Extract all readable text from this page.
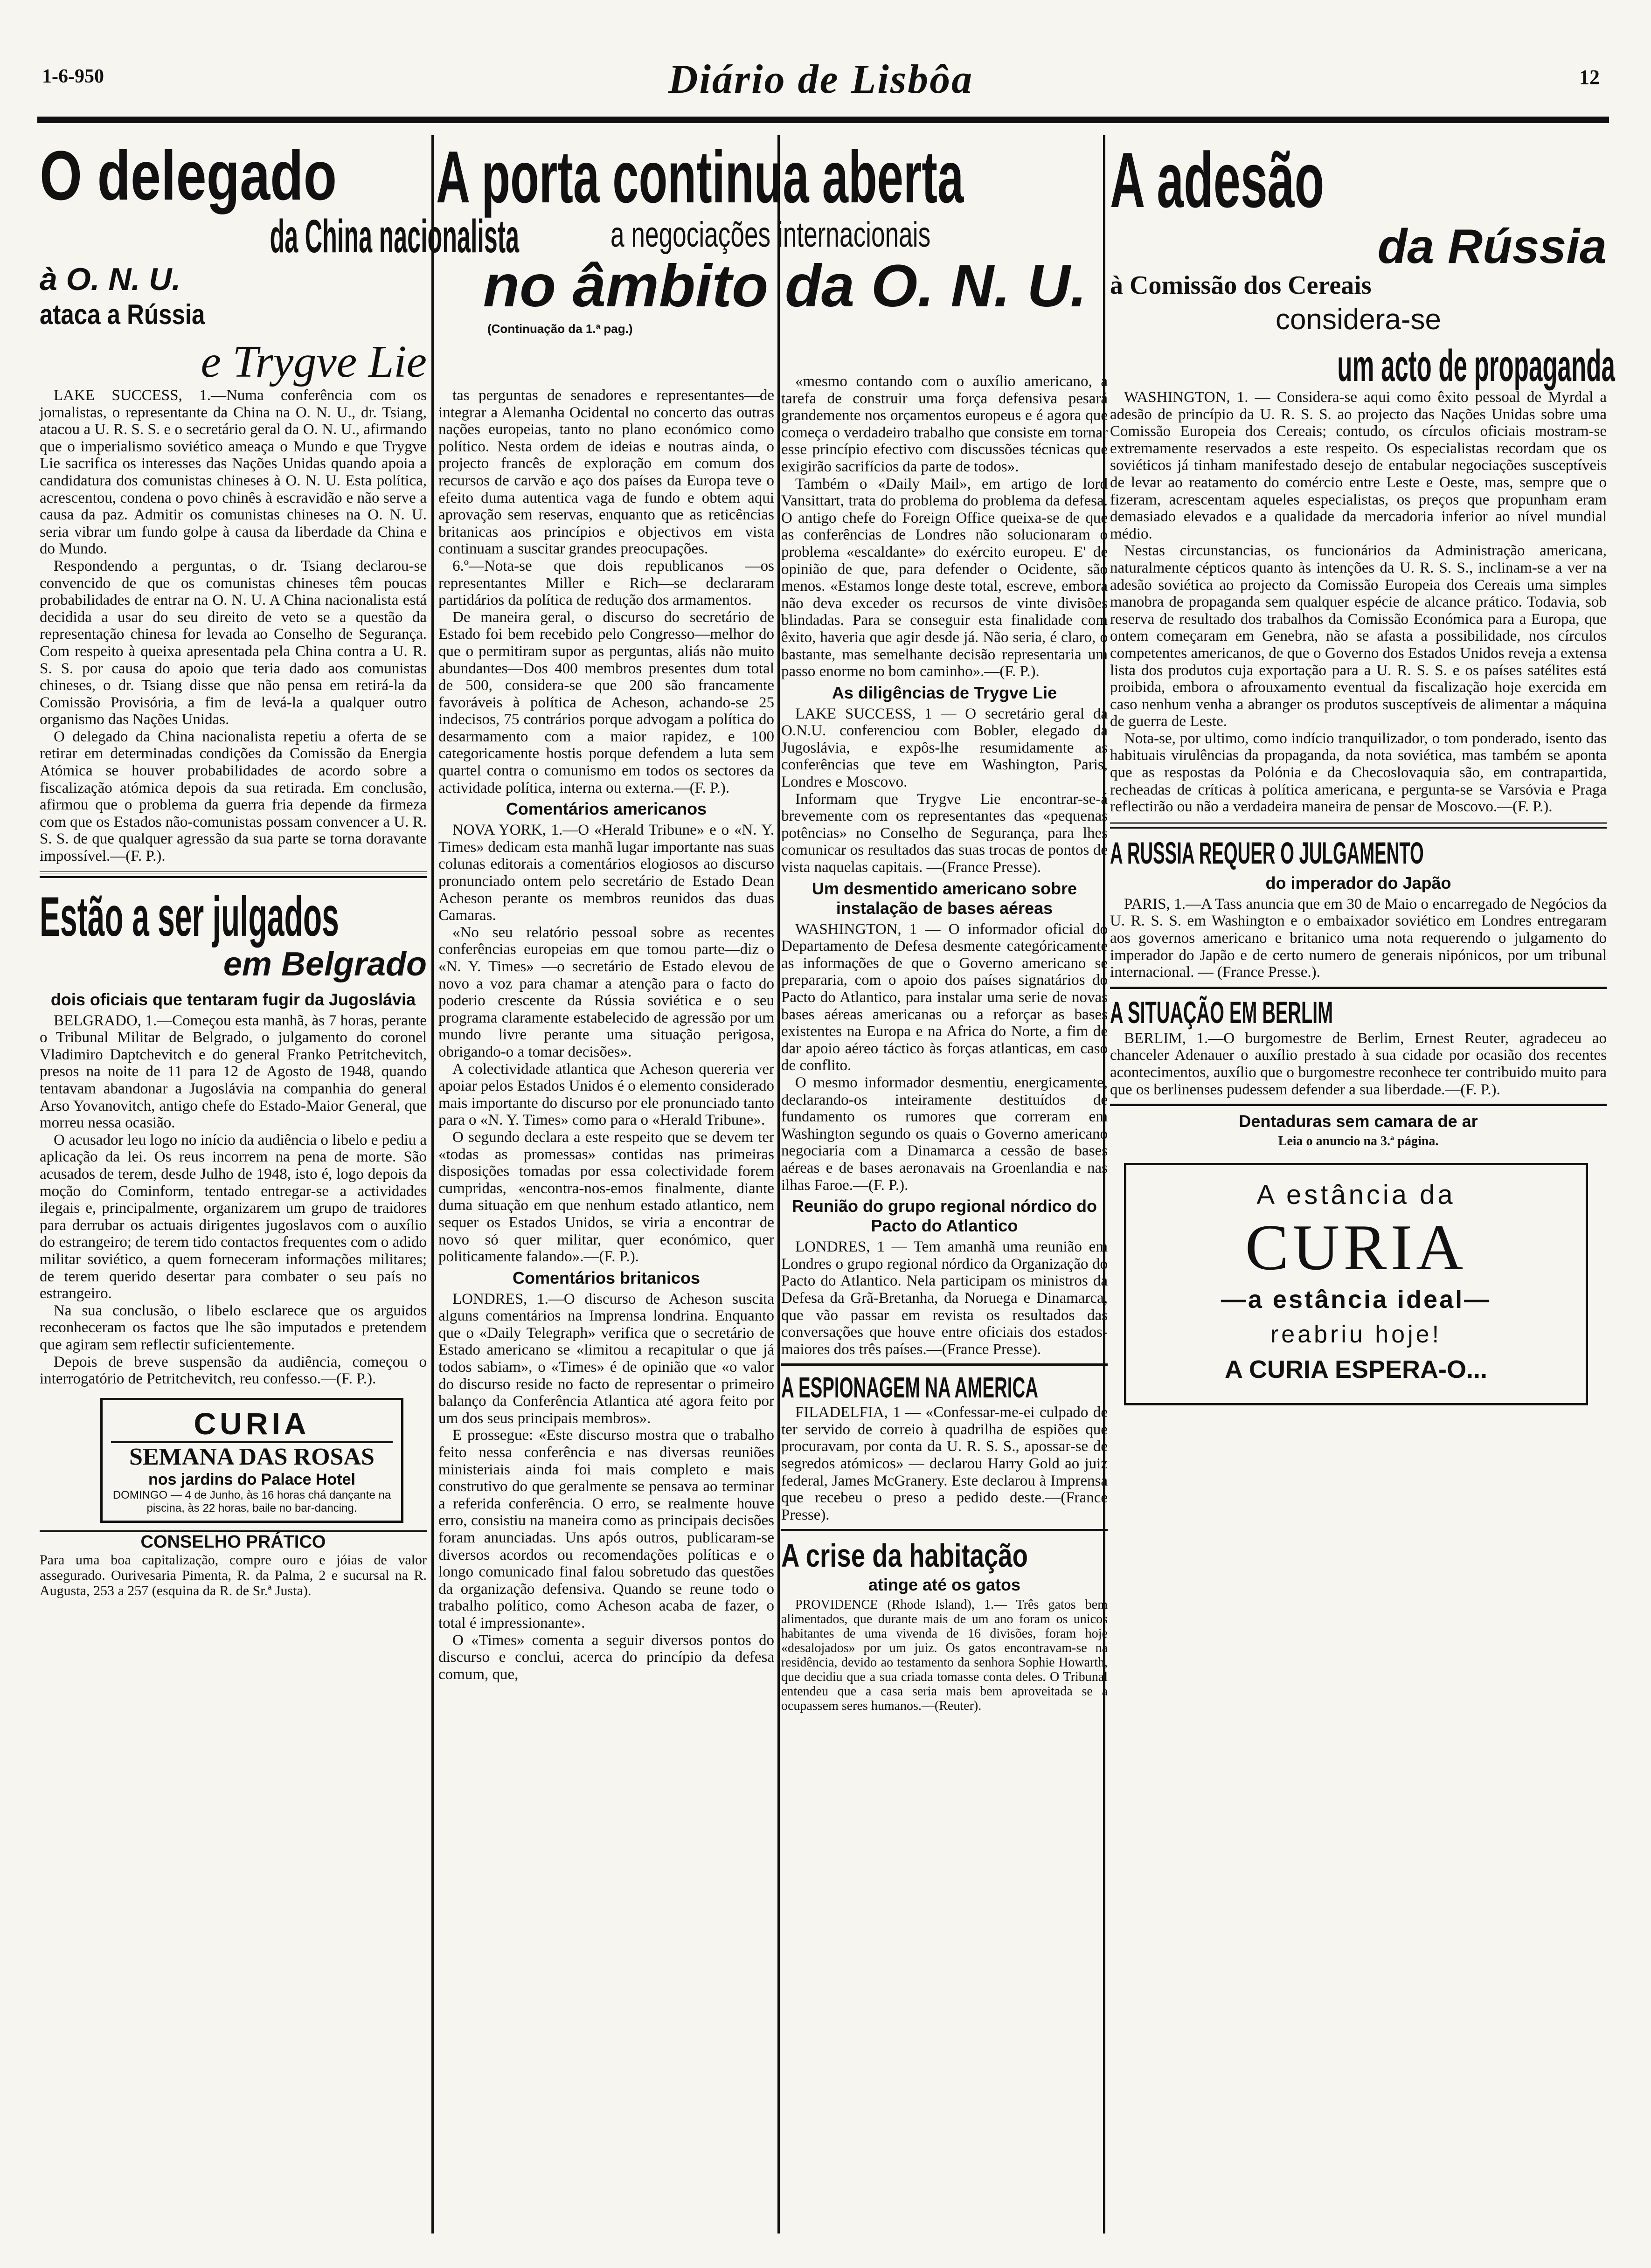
1-6-950	Diário de Lisbôa	12
O delegado
da China nacionalista
à O. N. U.
ataca a Rússia
e Trygve Lie

LAKE SUCCESS, 1.—Numa conferência com os jornalistas, o representante da China na O. N. U., dr. Tsiang, atacou a U. R. S. S. e o secretário geral da O. N. U., afirmando que o imperialismo soviético ameaça o Mundo e que Trygve Lie sacrifica os interesses das Nações Unidas quando apoia a candidatura dos comunistas chineses à O. N. U. Esta política, acrescentou, condena o povo chinês à escravidão e não serve a causa da paz. Admitir os comunistas chineses na O. N. U. seria vibrar um fundo golpe à causa da liberdade da China e do Mundo.

Respondendo a perguntas, o dr. Tsiang declarou-se convencido de que os comunistas chineses têm poucas probabilidades de entrar na O. N. U. A China nacionalista está decidida a usar do seu direito de veto se a questão da representação chinesa for levada ao Conselho de Segurança. Com respeito à queixa apresentada pela China contra a U. R. S. S. por causa do apoio que teria dado aos comunistas chineses, o dr. Tsiang disse que não pensa em retirá-la da Comissão Provisória, a fim de levá-la a qualquer outro organismo das Nações Unidas.

O delegado da China nacionalista repetiu a oferta de se retirar em determinadas condições da Comissão da Energia Atómica se houver probabilidades de acordo sobre a fiscalização atómica depois da sua retirada. Em conclusão, afirmou que o problema da guerra fria depende da firmeza com que os Estados não-comunistas possam convencer a U. R. S. S. de que qualquer agressão da sua parte se torna doravante impossível.—(F. P.).

Estão a ser julgados
em Belgrado
dois oficiais que tentaram fugir da Jugoslávia

BELGRADO, 1.—Começou esta manhã, às 7 horas, perante o Tribunal Militar de Belgrado, o julgamento do coronel Vladimiro Daptchevitch e do general Franko Petritchevitch, presos na noite de 11 para 12 de Agosto de 1948, quando tentavam abandonar a Jugoslávia na companhia do general Arso Yovanovitch, antigo chefe do Estado-Maior General, que morreu nessa ocasião.

O acusador leu logo no início da audiência o libelo e pediu a aplicação da lei. Os reus incorrem na pena de morte. São acusados de terem, desde Julho de 1948, isto é, logo depois da moção do Cominform, tentado entregar-se a actividades ilegais e, principalmente, organizarem um grupo de traidores para derrubar os actuais dirigentes jugoslavos com o auxílio do estrangeiro; de terem tido contactos frequentes com o adido militar soviético, a quem forneceram informações militares; de terem querido desertar para combater o seu país no estrangeiro.

Na sua conclusão, o libelo esclarece que os arguidos reconheceram os factos que lhe são imputados e pretendem que agiram sem reflectir suficientemente.

Depois de breve suspensão da audiência, começou o interrogatório de Petritchevitch, reu confesso.—(F. P.).

CURIA
SEMANA DAS ROSAS
nos jardins do Palace Hotel
DOMINGO — 4 de Junho, às 16 horas chá dançante na piscina, às 22 horas, baile no bar-dancing.
CONSELHO PRÁTICO
Para uma boa capitalização, compre ouro e jóias de valor assegurado. Ourivesaria Pimenta, R. da Palma, 2 e sucursal na R. Augusta, 253 a 257 (esquina da R. de Sr.ª Justa).
A porta continua aberta
a negociações internacionais
no âmbito da O. N. U.
(Continuação da 1.ª pag.)

tas perguntas de senadores e representantes—de integrar a Alemanha Ocidental no concerto das outras nações europeias, tanto no plano económico como político. Nesta ordem de ideias e noutras ainda, o projecto francês de exploração em comum dos recursos de carvão e aço dos países da Europa teve o efeito duma autentica vaga de fundo e obtem aqui aprovação sem reservas, enquanto que as reticências britanicas aos princípios e objectivos em vista continuam a suscitar grandes preocupações.

6.º—Nota-se que dois republicanos —os representantes Miller e Rich—se declararam partidários da política de redução dos armamentos.

De maneira geral, o discurso do secretário de Estado foi bem recebido pelo Congresso—melhor do que o permitiram supor as perguntas, aliás não muito abundantes—Dos 400 membros presentes dum total de 500, considera-se que 200 são francamente favoráveis à política de Acheson, achando-se 25 indecisos, 75 contrários porque advogam a política do desarmamento com a maior rapidez, e 100 categoricamente hostis porque defendem a luta sem quartel contra o comunismo em todos os sectores da actividade política, interna ou externa.—(F. P.).

Comentários americanos

NOVA YORK, 1.—O «Herald Tribune» e o «N. Y. Times» dedicam esta manhã lugar importante nas suas colunas editorais a comentários elogiosos ao discurso pronunciado ontem pelo secretário de Estado Dean Acheson perante os membros reunidos das duas Camaras.

«No seu relatório pessoal sobre as recentes conferências europeias em que tomou parte—diz o «N. Y. Times» —o secretário de Estado elevou de novo a voz para chamar a atenção para o facto do poderio crescente da Rússia soviética e o seu programa claramente estabelecido de agressão por um mundo livre perante uma situação perigosa, obrigando-o a tomar decisões».

A colectividade atlantica que Acheson quereria ver apoiar pelos Estados Unidos é o elemento considerado mais importante do discurso por ele pronunciado tanto para o «N. Y. Times» como para o «Herald Tribune».

O segundo declara a este respeito que se devem ter «todas as promessas» contidas nas primeiras disposições tomadas por essa colectividade forem cumpridas, «encontra-nos-emos finalmente, diante duma situação em que nenhum estado atlantico, nem sequer os Estados Unidos, se viria a encontrar de novo só quer militar, quer económico, quer politicamente falando».—(F. P.).

Comentários britanicos

LONDRES, 1.—O discurso de Acheson suscita alguns comentários na Imprensa londrina. Enquanto que o «Daily Telegraph» verifica que o secretário de Estado americano se «limitou a recapitular o que já todos sabiam», o «Times» é de opinião que «o valor do discurso reside no facto de representar o primeiro balanço da Conferência Atlantica até agora feito por um dos seus principais membros».

E prossegue: «Este discurso mostra que o trabalho feito nessa conferência e nas diversas reuniões ministeriais ainda foi mais completo e mais construtivo do que geralmente se pensava ao terminar a referida conferência. O erro, se realmente houve erro, consistiu na maneira como as principais decisões foram anunciadas. Uns após outros, publicaram-se diversos acordos ou recomendações políticas e o longo comunicado final falou sobretudo das questões da organização defensiva. Quando se reune todo o trabalho político, como Acheson acaba de fazer, o total é impressionante».

O «Times» comenta a seguir diversos pontos do discurso e conclui, acerca do princípio da defesa comum, que,

«mesmo contando com o auxílio americano, a tarefa de construir uma força defensiva pesará grandemente nos orçamentos europeus e é agora que começa o verdadeiro trabalho que consiste em tornar esse princípio efectivo com discussões técnicas que exigirão sacrifícios da parte de todos».

Também o «Daily Mail», em artigo de lord Vansittart, trata do problema do problema da defesa. O antigo chefe do Foreign Office queixa-se de que as conferências de Londres não solucionaram o problema «escaldante» do exército europeu. E' de opinião de que, para defender o Ocidente, são menos. «Estamos longe deste total, escreve, embora não deva exceder os recursos de vinte divisões blindadas. Para se conseguir esta finalidade com êxito, haveria que agir desde já. Não seria, é claro, o bastante, mas semelhante decisão representaria um passo enorme no bom caminho».—(F. P.).

As diligências de Trygve Lie

LAKE SUCCESS, 1 — O secretário geral da O.N.U. conferenciou com Bobler, elegado da Jugoslávia, e expôs-lhe resumidamente as conferências que teve em Washington, Paris, Londres e Moscovo.

Informam que Trygve Lie encontrar-se-á brevemente com os representantes das «pequenas potências» no Conselho de Segurança, para lhes comunicar os resultados das suas trocas de pontos de vista naquelas capitais. —(France Presse).

Um desmentido americano sobre instalação de bases aéreas

WASHINGTON, 1 — O informador oficial do Departamento de Defesa desmente categóricamente as informações de que o Governo americano se prepararia, com o apoio dos países signatários do Pacto do Atlantico, para instalar uma serie de novas bases aéreas americanas ou a reforçar as bases existentes na Europa e na Africa do Norte, a fim de dar apoio aéreo táctico às forças atlanticas, em caso de conflito.

O mesmo informador desmentiu, energicamente, declarando-os inteiramente destituídos de fundamento os rumores que correram em Washington segundo os quais o Governo americano negociaria com a Dinamarca a cessão de bases aéreas e de bases aeronavais na Groenlandia e nas ilhas Faroe.—(F. P.).

Reunião do grupo regional nórdico do Pacto do Atlantico

LONDRES, 1 — Tem amanhã uma reunião em Londres o grupo regional nórdico da Organização do Pacto do Atlantico. Nela participam os ministros da Defesa da Grã-Bretanha, da Noruega e Dinamarca, que vão passar em revista os resultados das conversações que houve entre oficiais dos estados-maiores dos três países.—(France Presse).

A ESPIONAGEM NA AMERICA

FILADELFIA, 1 — «Confessar-me-ei culpado de ter servido de correio à quadrilha de espiões que procuravam, por conta da U. R. S. S., apossar-se de segredos atómicos» — declarou Harry Gold ao juiz federal, James McGranery. Este declarou à Imprensa que recebeu o preso a pedido deste.—(France Presse).

A crise da habitação
atinge até os gatos

PROVIDENCE (Rhode Island), 1.— Três gatos bem alimentados, que durante mais de um ano foram os unicos habitantes de uma vivenda de 16 divisões, foram hoje «desalojados» por um juiz. Os gatos encontravam-se na residência, devido ao testamento da senhora Sophie Howarth, que decidiu que a sua criada tomasse conta deles. O Tribunal entendeu que a casa seria mais bem aproveitada se a ocupassem seres humanos.—(Reuter).

A adesão
da Rússia
à Comissão dos Cereais
considera-se
um acto de propaganda

WASHINGTON, 1. — Considera-se aqui como êxito pessoal de Myrdal a adesão de princípio da U. R. S. S. ao projecto das Nações Unidas sobre uma Comissão Europeia dos Cereais; contudo, os círculos oficiais mostram-se extremamente reservados a este respeito. Os especialistas recordam que os soviéticos já tinham manifestado desejo de entabular negociações susceptíveis de levar ao reatamento do comércio entre Leste e Oeste, mas, sempre que o fizeram, acrescentam aqueles especialistas, os preços que propunham eram demasiado elevados e a qualidade da mercadoria inferior ao nível mundial médio.

Nestas circunstancias, os funcionários da Administração americana, naturalmente cépticos quanto às intenções da U. R. S. S., inclinam-se a ver na adesão soviética ao projecto da Comissão Europeia dos Cereais uma simples manobra de propaganda sem qualquer espécie de alcance prático. Todavia, sob reserva de resultado dos trabalhos da Comissão Económica para a Europa, que ontem começaram em Genebra, não se afasta a possibilidade, nos círculos competentes americanos, de que o Governo dos Estados Unidos reveja a extensa lista dos produtos cuja exportação para a U. R. S. S. e os países satélites está proibida, embora o afrouxamento eventual da fiscalização hoje exercida em caso nenhum venha a abranger os produtos susceptíveis de alimentar a máquina de guerra de Leste.

Nota-se, por ultimo, como indício tranquilizador, o tom ponderado, isento das habituais virulências da propaganda, da nota soviética, mas também se aponta que as respostas da Polónia e da Checoslovaquia são, em contrapartida, recheadas de críticas à política americana, e pergunta-se se Varsóvia e Praga reflectirão ou não a verdadeira maneira de pensar de Moscovo.—(F. P.).

A RUSSIA REQUER O JULGAMENTO
do imperador do Japão

PARIS, 1.—A Tass anuncia que em 30 de Maio o encarregado de Negócios da U. R. S. S. em Washington e o embaixador soviético em Londres entregaram aos governos americano e britanico uma nota requerendo o julgamento do imperador do Japão e de certo numero de generais nipónicos, por um tribunal internacional. — (France Presse.).

A SITUAÇÃO EM BERLIM

BERLIM, 1.—O burgomestre de Berlim, Ernest Reuter, agradeceu ao chanceler Adenauer o auxílio prestado à sua cidade por ocasião dos recentes acontecimentos, auxílio que o burgomestre reconhece ter contribuido muito para que os berlinenses pudessem defender a sua liberdade.—(F. P.).

Dentaduras sem camara de ar
Leia o anuncio na 3.ª página.
A estância da
CURIA
—a estância ideal—
reabriu hoje!
A CURIA ESPERA-O...
